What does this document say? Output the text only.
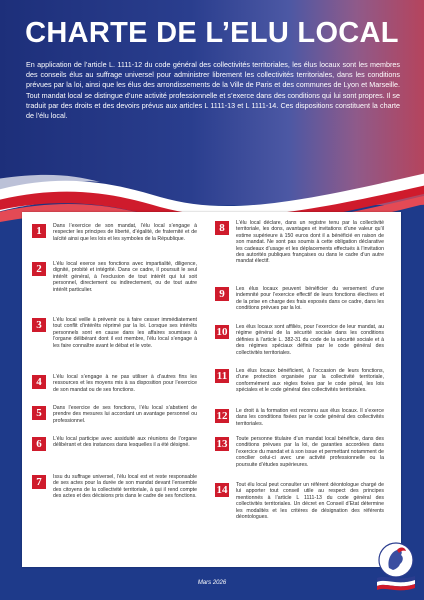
CHARTE DE L’ELU LOCAL

En application de l’article L. 1111-12 du code général des collectivités territoriales, les élus locaux sont les membres des conseils élus au suffrage universel pour administrer librement les collectivités territoriales, dans les conditions prévues par la loi, ainsi que les élus des arrondissements de la Ville de Paris et des communes de Lyon et Marseille. Tout mandat local se distingue d’une activité professionnelle et s’exerce dans des conditions qui lui sont propres. Il se traduit par des droits et des devoirs prévus aux articles L 1111-13 et L 1111-14. Ces dispositions constituent la charte de l’élu local.

1	Dans l’exercice de son mandat, l’élu local s’engage à respecter les principes de liberté, d’égalité, de fraternité et de laïcité ainsi que les lois et les symboles de la République.

2	L’élu local exerce ses fonctions avec impartialité, diligence, dignité, probité et intégrité. Dans ce cadre, il poursuit le seul intérêt général, à l’exclusion de tout intérêt qui lui soit personnel, directement ou indirectement, ou de tout autre intérêt particulier.

3	L’élu local veille à prévenir ou à faire cesser immédiatement tout conflit d’intérêts réprimé par la loi. Lorsque ses intérêts personnels sont en cause dans les affaires soumises à l’organe délibérant dont il est membre, l’élu local s’engage à les faire connaître avant le débat et le vote.

4	L’élu local s’engage à ne pas utiliser à d’autres fins les ressources et les moyens mis à sa disposition pour l’exercice de son mandat ou de ses fonctions.

5	Dans l’exercice de ses fonctions, l’élu local s’abstient de prendre des mesures lui accordant un avantage personnel ou professionnel.

6	L’élu local participe avec assiduité aux réunions de l’organe délibérant et des instances dans lesquelles il a été désigné.

7	Issu du suffrage universel, l’élu local est et reste responsable de ses actes pour la durée de son mandat devant l’ensemble des citoyens de la collectivité territoriale, à qui il rend compte des actes et des décisions pris dans le cadre de ses fonctions.

8	L’élu local déclare, dans un registre tenu par la collectivité territoriale, les dons, avantages et invitations d’une valeur qu’il estime supérieure à 150 euros dont il a bénéficié en raison de son mandat. Ne sont pas soumis à cette obligation déclarative les cadeaux d’usage et les déplacements effectués à l’invitation des autorités publiques françaises ou dans le cadre d’un autre mandat électif.

9	Les élus locaux peuvent bénéficier du versement d’une indemnité pour l’exercice effectif de leurs fonctions électives et de la prise en charge des frais exposés dans ce cadre, dans les conditions prévues par la loi.

10 Les élus locaux sont affiliés, pour l’exercice de leur mandat, au régime général de la sécurité sociale dans les conditions définies à l’article L. 382-31 du code de la sécurité sociale et à des régimes spéciaux définis par le code général des collectivités territoriales.

11	Les élus locaux bénéficient, à l’occasion de leurs fonctions, d’une protection organisée par la collectivité territoriale, conformément aux règles fixées par le code pénal, les lois spéciales et le code général des collectivités territoriales.

12 Le droit à la formation est reconnu aux élus locaux. Il s’exerce dans les conditions fixées par le code général des collectivités territoriales.

13 Toute personne titulaire d’un mandat local bénéficie, dans des conditions prévues par la loi, de garanties accordées dans l’exercice du mandat et à son issue et permettant notamment de concilier celui-ci avec une activité professionnelle ou la poursuite d’études supérieures.

14 Tout élu local peut consulter un référent déontologue chargé de lui apporter tout conseil utile au respect des principes mentionnés à l’article L 1111-13 du code général des collectivités territoriales. Un décret en Conseil d’Etat détermine les modalités et les critères de désignation des référents déontologues.

Mars 2026
